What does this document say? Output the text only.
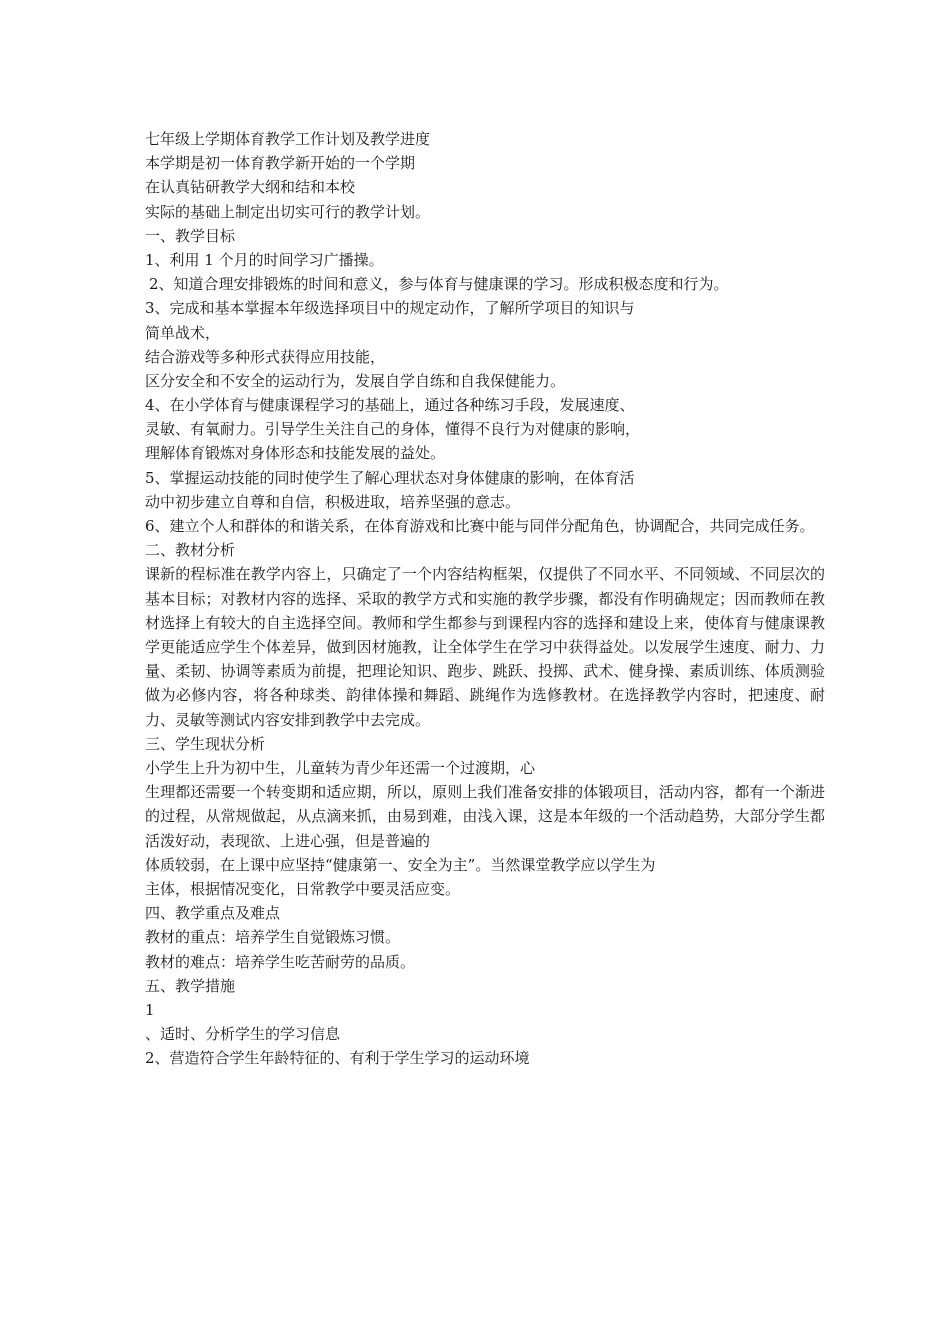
七年级上学期体育教学工作计划及教学进度
本学期是初一体育教学新开始的一个学期
在认真钻研教学大纲和结和本校
实际的基础上制定出切实可行的教学计划。
一、教学目标
1、利用 1 个月的时间学习广播操。
2、知道合理安排锻炼的时间和意义，参与体育与健康课的学习。形成积极态度和行为。
3、完成和基本掌握本年级选择项目中的规定动作，了解所学项目的知识与
简单战术，
结合游戏等多种形式获得应用技能，
区分安全和不安全的运动行为，发展自学自练和自我保健能力。
4、在小学体育与健康课程学习的基础上，通过各种练习手段，发展速度、
灵敏、有氧耐力。引导学生关注自己的身体，懂得不良行为对健康的影响，
理解体育锻炼对身体形态和技能发展的益处。
5、掌握运动技能的同时使学生了解心理状态对身体健康的影响，在体育活
动中初步建立自尊和自信，积极进取，培养坚强的意志。
6、建立个人和群体的和谐关系，在体育游戏和比赛中能与同伴分配角色，协调配合，共同完成任务。
二、教材分析
课新的程标准在教学内容上，只确定了一个内容结构框架，仅提供了不同水平、不同领域、不同层次的基本目标；对教材内容的选择、采取的教学方式和实施的教学步骤，都没有作明确规定；因而教师在教材选择上有较大的自主选择空间。教师和学生都参与到课程内容的选择和建设上来，使体育与健康课教学更能适应学生个体差异，做到因材施教，让全体学生在学习中获得益处。以发展学生速度、耐力、力量、柔韧、协调等素质为前提，把理论知识、跑步、跳跃、投掷、武术、健身操、素质训练、体质测验做为必修内容，将各种球类、韵律体操和舞蹈、跳绳作为选修教材。在选择教学内容时，把速度、耐力、灵敏等测试内容安排到教学中去完成。
三、学生现状分析
小学生上升为初中生，儿童转为青少年还需一个过渡期，心
生理都还需要一个转变期和适应期，所以，原则上我们准备安排的体锻项目，活动内容，都有一个渐进的过程，从常规做起，从点滴来抓，由易到难，由浅入课，这是本年级的一个活动趋势，大部分学生都活泼好动，表现欲、上进心强，但是普遍的
体质较弱，在上课中应坚持“健康第一、安全为主”。当然课堂教学应以学生为
主体，根据情况变化，日常教学中要灵活应变。
四、教学重点及难点
教材的重点：培养学生自觉锻炼习惯。
教材的难点：培养学生吃苦耐劳的品质。
五、教学措施
1
、适时、分析学生的学习信息
2、营造符合学生年龄特征的、有利于学生学习的运动环境
